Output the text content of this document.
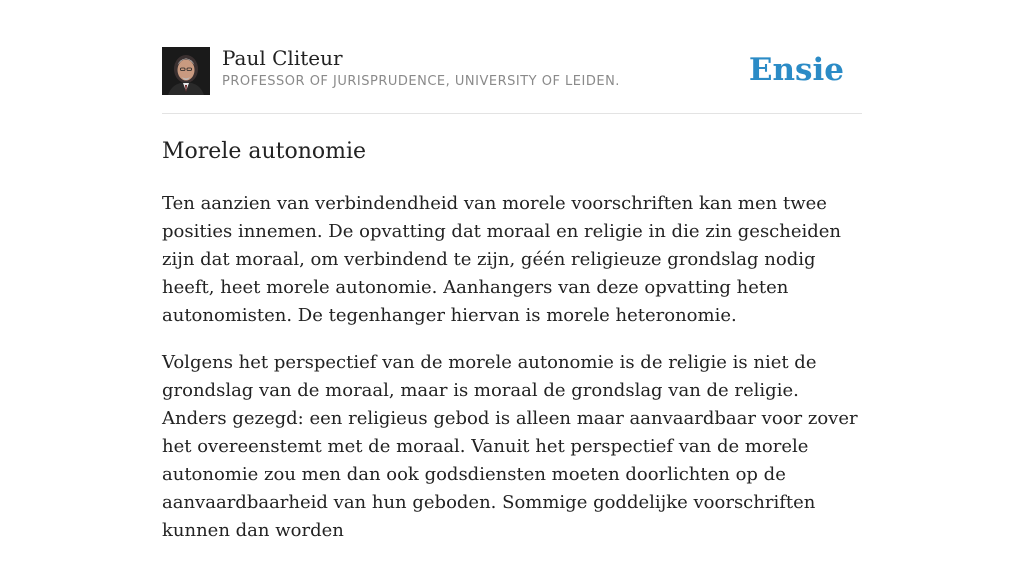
Paul Cliteur
PROFESSOR OF JURISPRUDENCE, UNIVERSITY OF LEIDEN.	Ensie
Morele autonomie

Ten aanzien van verbindendheid van morele voorschriften kan men twee posities innemen. De opvatting dat moraal en religie in die zin gescheiden zijn dat moraal, om verbindend te zijn, géén religieuze grondslag nodig heeft, heet morele autonomie. Aanhangers van deze opvatting heten autonomisten. De tegenhanger hiervan is morele heteronomie.

Volgens het perspectief van de morele autonomie is de religie is niet de grondslag van de moraal, maar is moraal de grondslag van de religie. Anders gezegd: een religieus gebod is alleen maar aanvaardbaar voor zover het overeenstemt met de moraal. Vanuit het perspectief van de morele autonomie zou men dan ook godsdiensten moeten doorlichten op de aanvaardbaarheid van hun geboden. Sommige goddelijke voorschriften kunnen dan worden
